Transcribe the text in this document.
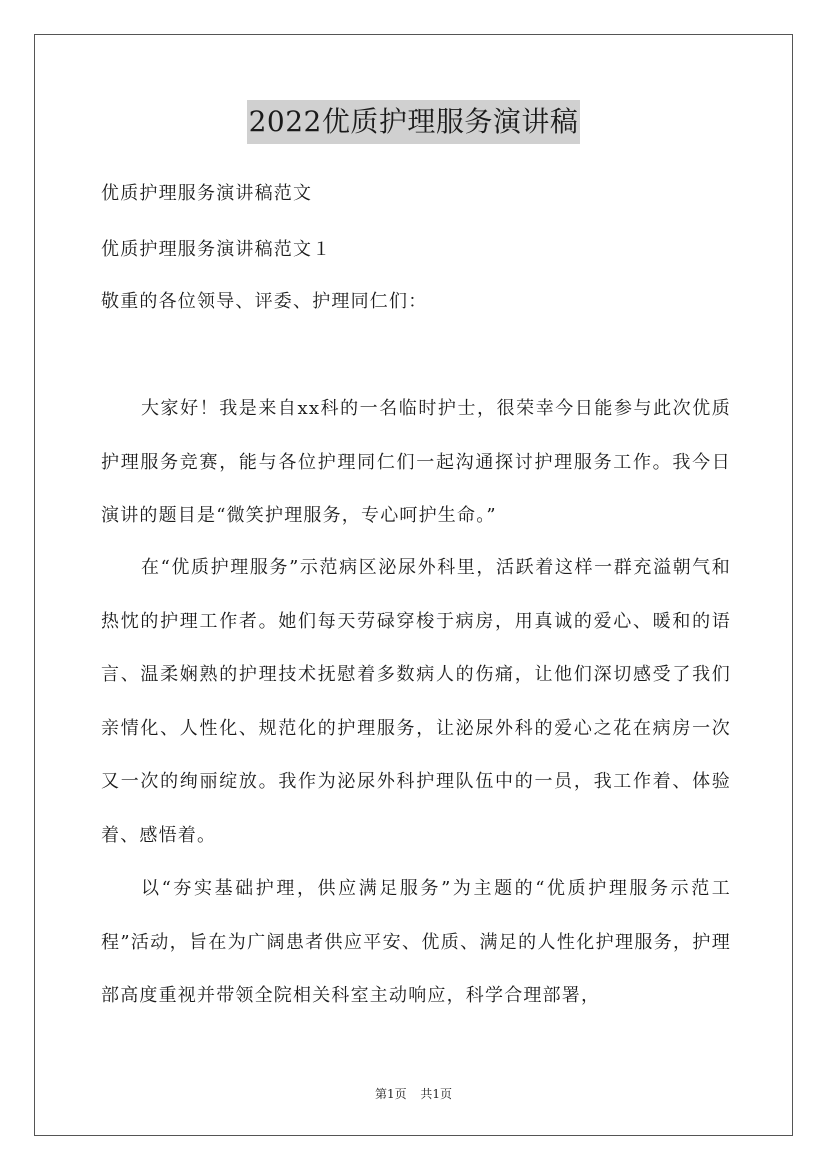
2022优质护理服务演讲稿
优质护理服务演讲稿范文
优质护理服务演讲稿范文１
敬重的各位领导、评委、护理同仁们：

大家好！我是来自xx科的一名临时护士，很荣幸今日能参与此次优质护理服务竞赛，能与各位护理同仁们一起沟通探讨护理服务工作。我今日演讲的题目是“微笑护理服务，专心呵护生命。”

在“优质护理服务”示范病区泌尿外科里，活跃着这样一群充溢朝气和热忱的护理工作者。她们每天劳碌穿梭于病房，用真诚的爱心、暖和的语言、温柔娴熟的护理技术抚慰着多数病人的伤痛，让他们深切感受了我们亲情化、人性化、规范化的护理服务，让泌尿外科的爱心之花在病房一次又一次的绚丽绽放。我作为泌尿外科护理队伍中的一员，我工作着、体验着、感悟着。

以“夯实基础护理，供应满足服务”为主题的“优质护理服务示范工程”活动，旨在为广阔患者供应平安、优质、满足的人性化护理服务，护理部高度重视并带领全院相关科室主动响应，科学合理部署，

第1页 共1页
